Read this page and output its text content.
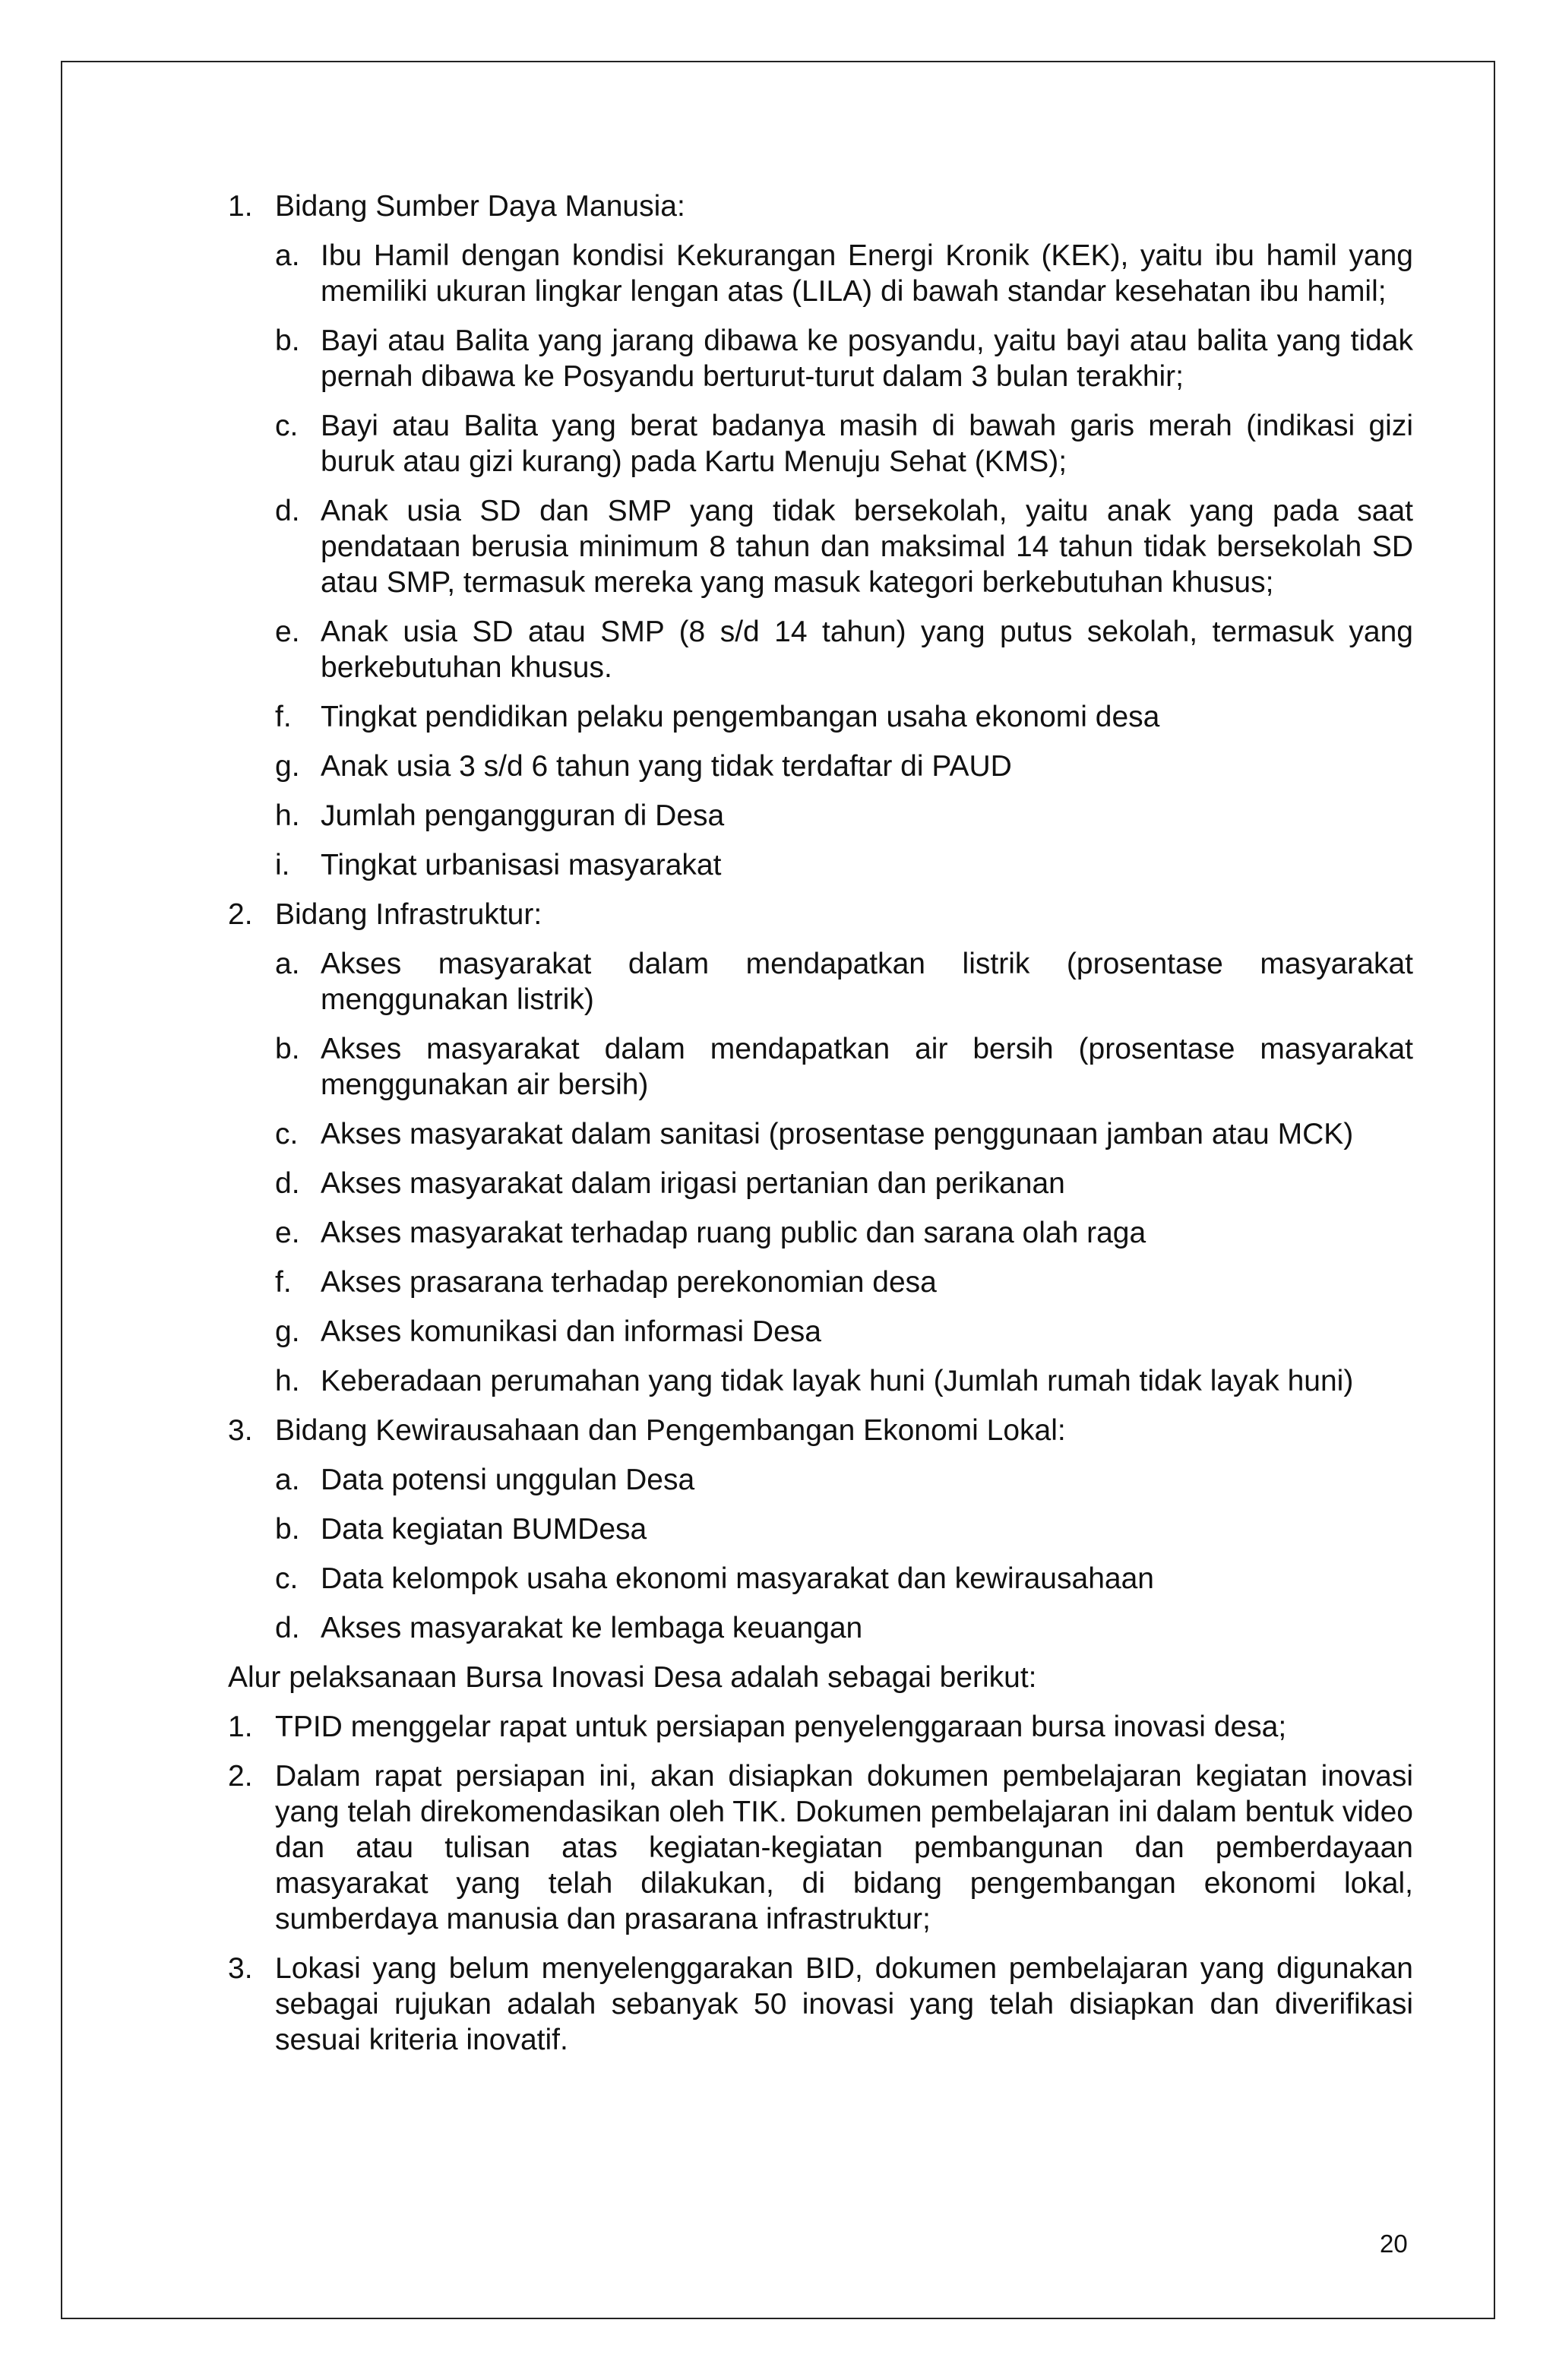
1. Bidang Sumber Daya Manusia:
a. Ibu Hamil dengan kondisi Kekurangan Energi Kronik (KEK), yaitu ibu hamil yang memiliki ukuran lingkar lengan atas (LILA) di bawah standar kesehatan ibu hamil;
b. Bayi atau Balita yang jarang dibawa ke posyandu, yaitu bayi atau balita yang tidak pernah dibawa ke Posyandu berturut-turut dalam 3 bulan terakhir;
c. Bayi atau Balita yang berat badanya masih di bawah garis merah (indikasi gizi buruk atau gizi kurang) pada Kartu Menuju Sehat (KMS);
d. Anak usia SD dan SMP yang tidak bersekolah, yaitu anak yang pada saat pendataan berusia minimum 8 tahun dan maksimal 14 tahun tidak bersekolah SD atau SMP, termasuk mereka yang masuk kategori berkebutuhan khusus;
e. Anak usia SD atau SMP (8 s/d 14 tahun) yang putus sekolah, termasuk yang berkebutuhan khusus.
f. Tingkat pendidikan pelaku pengembangan usaha ekonomi desa
g. Anak usia 3 s/d 6 tahun yang tidak terdaftar di PAUD
h. Jumlah pengangguran di Desa
i. Tingkat urbanisasi masyarakat
2. Bidang Infrastruktur:
a. Akses masyarakat dalam mendapatkan listrik (prosentase masyarakat menggunakan listrik)
b. Akses masyarakat dalam mendapatkan air bersih (prosentase masyarakat menggunakan air bersih)
c. Akses masyarakat dalam sanitasi (prosentase penggunaan jamban atau MCK)
d. Akses masyarakat dalam irigasi pertanian dan perikanan
e. Akses masyarakat terhadap ruang public dan sarana olah raga
f. Akses prasarana terhadap perekonomian desa
g. Akses komunikasi dan informasi Desa
h. Keberadaan perumahan yang tidak layak huni (Jumlah rumah tidak layak huni)
3. Bidang Kewirausahaan dan Pengembangan Ekonomi Lokal:
a. Data potensi unggulan Desa
b. Data kegiatan BUMDesa
c. Data kelompok usaha ekonomi masyarakat dan kewirausahaan
d. Akses masyarakat ke lembaga keuangan
Alur pelaksanaan Bursa Inovasi Desa adalah sebagai berikut:
1. TPID menggelar rapat untuk persiapan penyelenggaraan bursa inovasi desa;
2. Dalam rapat persiapan ini, akan disiapkan dokumen pembelajaran kegiatan inovasi yang telah direkomendasikan oleh TIK. Dokumen pembelajaran ini dalam bentuk video dan atau tulisan atas kegiatan-kegiatan pembangunan dan pemberdayaan masyarakat yang telah dilakukan, di bidang pengembangan ekonomi lokal, sumberdaya manusia dan prasarana infrastruktur;
3. Lokasi yang belum menyelenggarakan BID, dokumen pembelajaran yang digunakan sebagai rujukan adalah sebanyak 50 inovasi yang telah disiapkan dan diverifikasi sesuai kriteria inovatif.
20
